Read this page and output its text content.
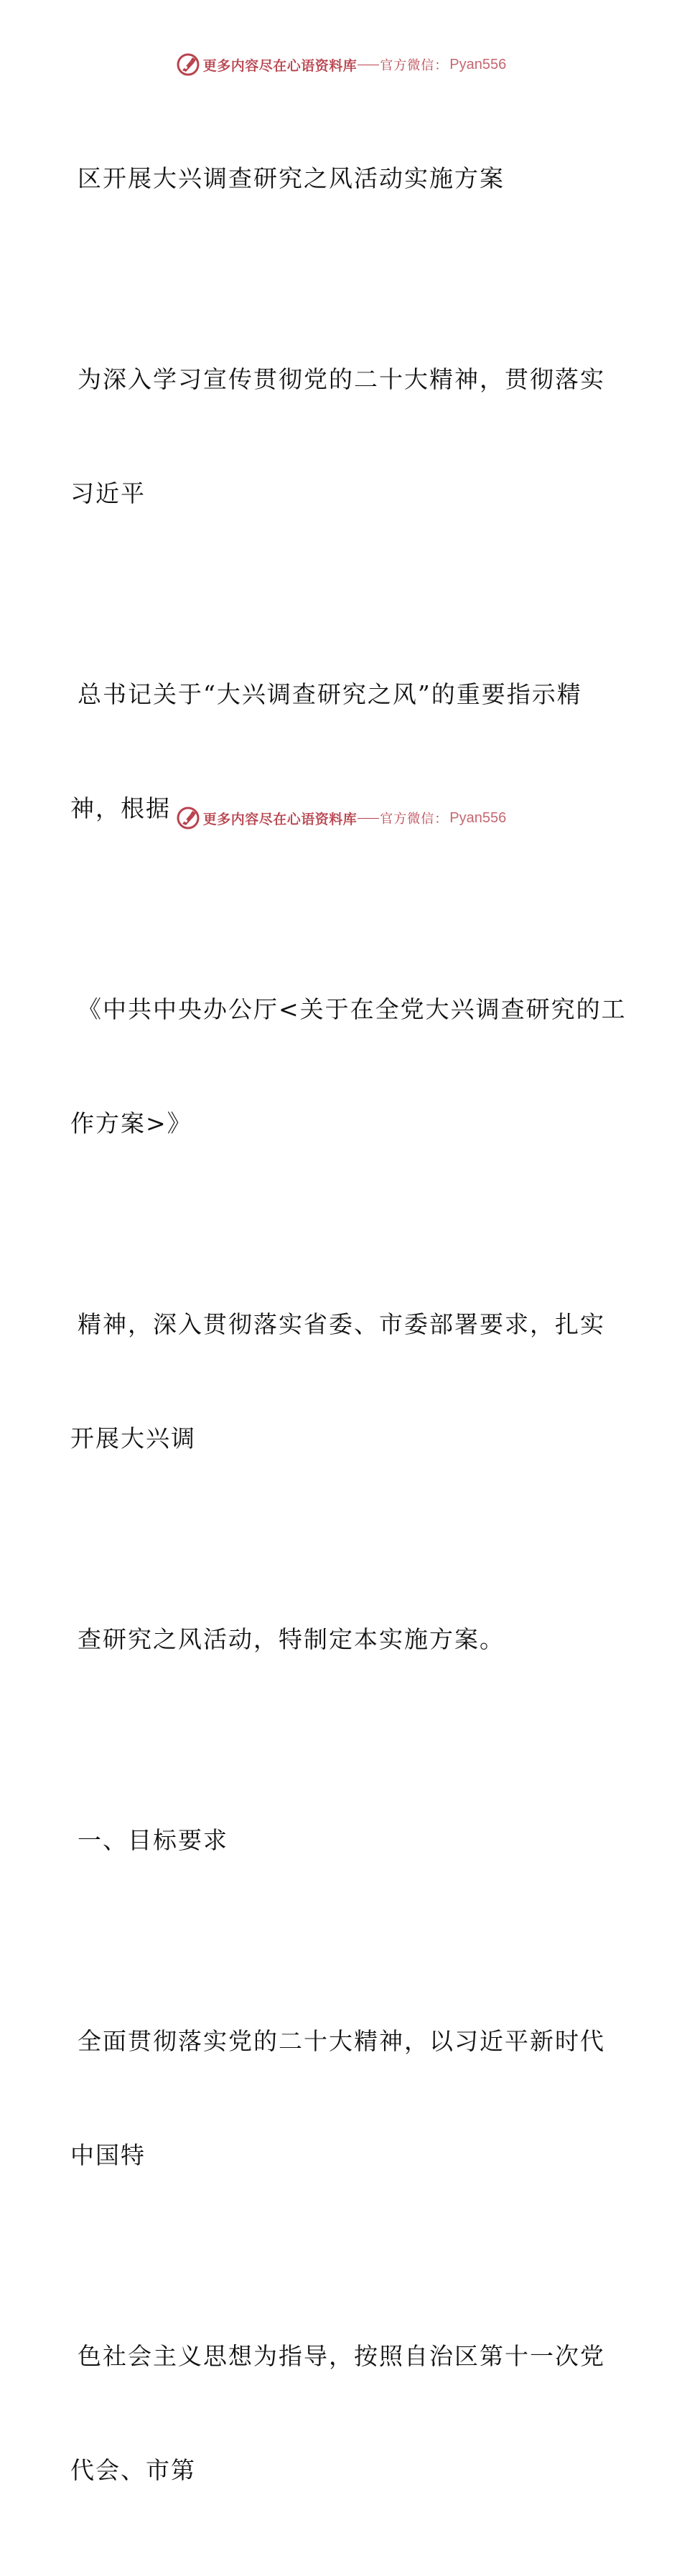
更多内容尽在心语资料库 官方微信： Pyan556

区开展大兴调查研究之风活动实施方案

为深入学习宣传贯彻党的二十大精神，贯彻落实

习近平

总书记关于“大兴调查研究之风”的重要指示精

神，根据

《中共中央办公厅<关于在全党大兴调查研究的工

作方案>》

精神，深入贯彻落实省委、市委部署要求，扎实

开展大兴调

查研究之风活动，特制定本实施方案。

一、目标要求

全面贯彻落实党的二十大精神，以习近平新时代

中国特

色社会主义思想为指导，按照自治区第十一次党

代会、市第

更多内容尽在心语资料库 官方微信： Pyan556
